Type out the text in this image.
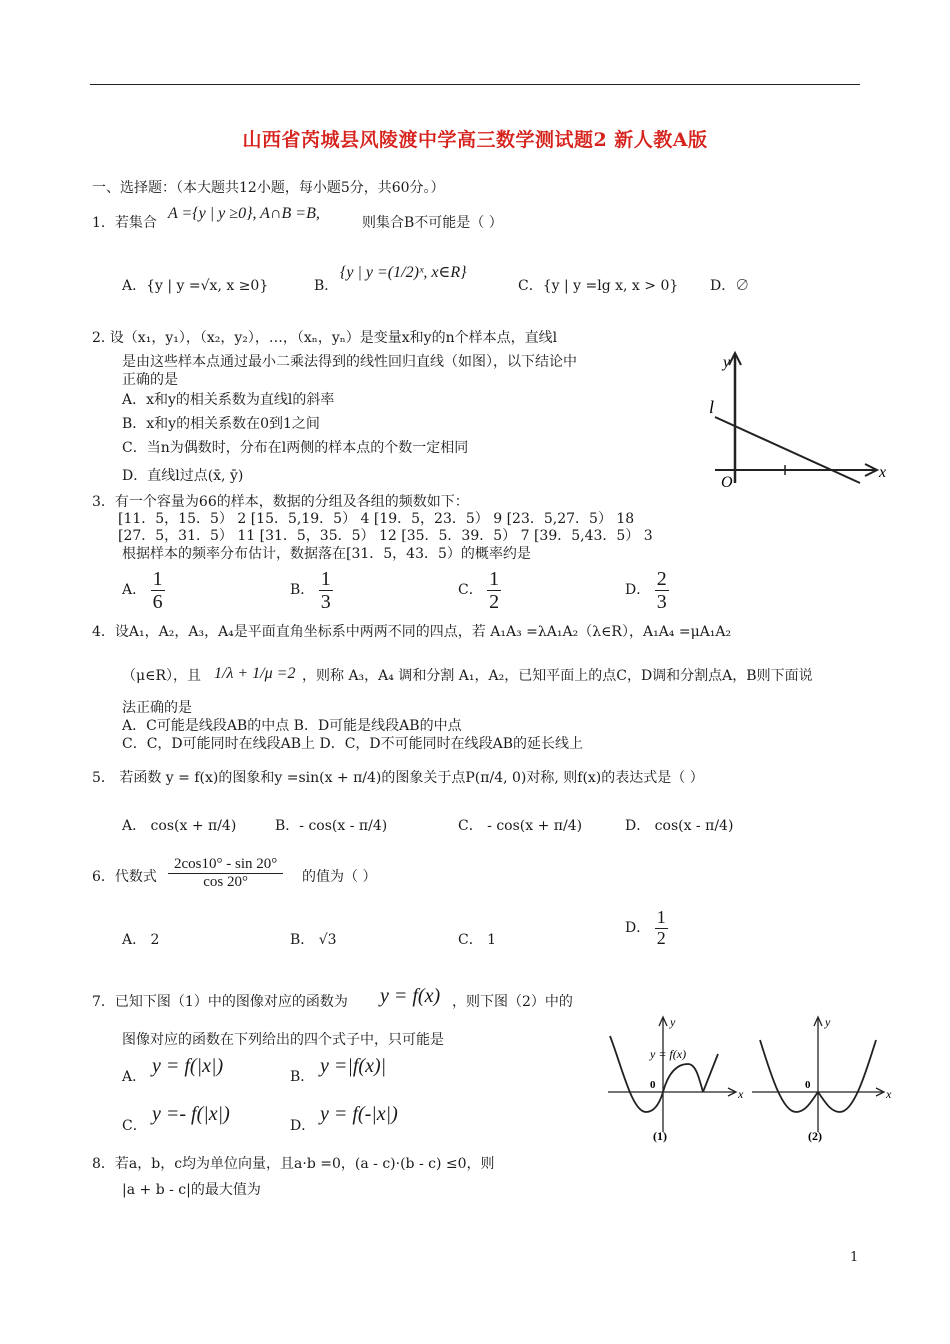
山西省芮城县风陵渡中学高三数学测试题2 新人教A版
一、选择题：（本大题共12小题，每小题5分，共60分。）
1．若集合
A ={y | y ≥0}, A∩B =B,
则集合B不可能是（ ）
A．{y | y =√x, x ≥0}	B．
{y | y =(1/2)ˣ, x∈R}
C．{y | y =lg x, x > 0} D．∅
2. 设（x₁，y₁），（x₂，y₂），…，（xₙ，yₙ）是变量x和y的n个样本点，直线l
是由这些样本点通过最小二乘法得到的线性回归直线（如图），以下结论中
正确的是
A．x和y的相关系数为直线l的斜率
B．x和y的相关系数在0到1之间
C．当n为偶数时，分布在l两侧的样本点的个数一定相同
D．直线l过点(x̄, ȳ)
y
l
O
x
3．有一个容量为66的样本，数据的分组及各组的频数如下：
[11．5，15．5） 2 [15．5,19．5） 4 [19．5，23．5） 9 [23．5,27．5） 18
[27．5，31．5） 11 [31．5，35．5） 12 [35．5．39．5） 7 [39．5,43．5） 3
根据样本的频率分布估计，数据落在[31．5，43．5）的概率约是
A． $\frac{1}{6}$	B． $\frac{1}{3}$	C． $\frac{1}{2}$	D． $\frac{2}{3}$
4．设A₁，A₂，A₃，A₄是平面直角坐标系中两两不同的四点，若 A₁A₃ =λA₁A₂（λ∈R），A₁A₄ =μA₁A₂
（μ∈R），且 1/λ + 1/μ =2 ，则称 A₃，A₄ 调和分割 A₁，A₂，已知平面上的点C，D调和分割点A，B则下面说
法正确的是
A．C可能是线段AB的中点 B．D可能是线段AB的中点
C．C，D可能同时在线段AB上 D．C，D不可能同时在线段AB的延长线上
5． 若函数 y = f(x)的图象和y =sin(x + π/4)的图象关于点P(π/4, 0)对称, 则f(x)的表达式是（ ）
A． cos(x + π/4)	B．- cos(x - π/4)	C． - cos(x + π/4)	D． cos(x - π/4)
6．代数式 $\frac{2\cos 10^\circ - \sin 20^\circ}{\cos 20^\circ}$ 的值为（ ）
A． 2	B． √3	C． 1
D． $\frac{1}{2}$
7．已知下图（1）中的图像对应的函数为 y = f(x) ，则下图（2）中的
图像对应的函数在下列给出的四个式子中，只可能是
A． y = f(|x|)	B． y =|f(x)|
C．
y =- f(|x|)
D．
y = f(-|x|)
y
x
0
y = f(x)
(1)
y
x
0
(2)
8．若a，b，c均为单位向量，且a·b =0，(a - c)·(b - c) ≤0，则
|a + b - c|的最大值为
1
